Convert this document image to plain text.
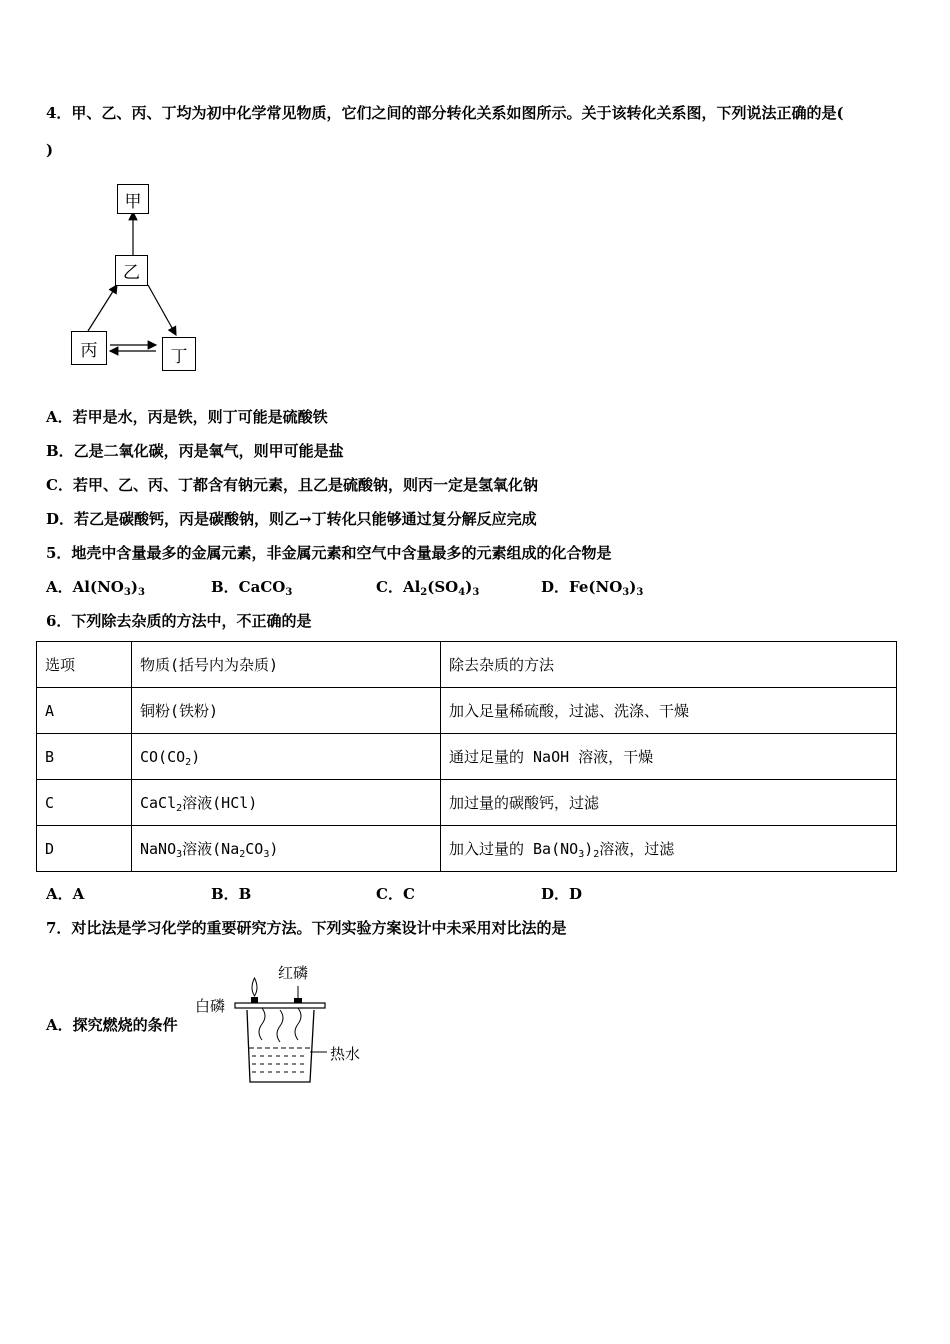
4．甲、乙、丙、丁均为初中化学常见物质，它们之间的部分转化关系如图所示。关于该转化关系图，下列说法正确的是(
)
甲
乙
丙	丁
A．若甲是水，丙是铁，则丁可能是硫酸铁
B．乙是二氧化碳，丙是氧气，则甲可能是盐
C．若甲、乙、丙、丁都含有钠元素，且乙是硫酸钠，则丙一定是氢氧化钠
D．若乙是碳酸钙，丙是碳酸钠，则乙→丁转化只能够通过复分解反应完成
5．地壳中含量最多的金属元素，非金属元素和空气中含量最多的元素组成的化合物是
A．$Al(NO_3)_3$	B．CaCO$_3$	C．$Al_2(SO_4)_3$	D．$Fe(NO_3)_3$
6．下列除去杂质的方法中，不正确的是
选项	物质(括号内为杂质)	除去杂质的方法
A	铜粉(铁粉)	加入足量稀硫酸，过滤、洗涤、干燥
B	$CO(CO_2)$	通过足量的 NaOH 溶液，干燥
C	CaCl$_2$溶液(HCl)	加过量的碳酸钙，过滤
D	NaNO$_3$溶液$(Na_2CO_3)$	加入过量的 $Ba(NO_3)_2$溶液，过滤
A．A	B．B	C．C	D．D
7．对比法是学习化学的重要研究方法。下列实验方案设计中未采用对比法的是
A．探究燃烧的条件
红磷
白磷
热水
